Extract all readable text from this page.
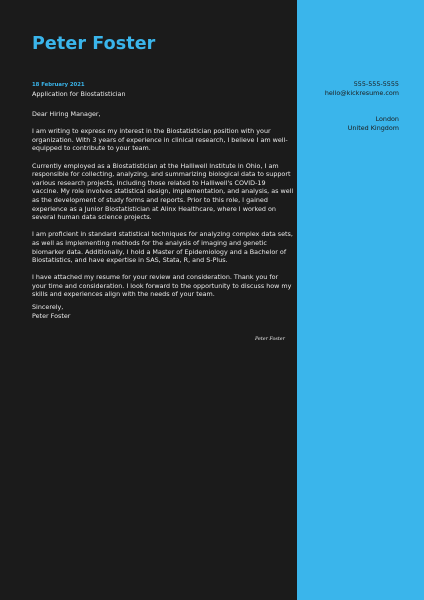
Peter Foster
18 February 2021
Application for Biostatistician

Dear Hiring Manager,

I am writing to express my interest in the Biostatistician position with your organization. With 3 years of experience in clinical research, I believe I am well-equipped to contribute to your team.

Currently employed as a Biostatistician at the Halliwell Institute in Ohio, I am responsible for collecting, analyzing, and summarizing biological data to support various research projects, including those related to Halliwell's COVID-19 vaccine. My role involves statistical design, implementation, and analysis, as well as the development of study forms and reports. Prior to this role, I gained experience as a Junior Biostatistician at Alinx Healthcare, where I worked on several human data science projects.

I am proficient in standard statistical techniques for analyzing complex data sets, as well as implementing methods for the analysis of imaging and genetic biomarker data. Additionally, I hold a Master of Epidemiology and a Bachelor of Biostatistics, and have expertise in SAS, Stata, R, and S-Plus.

I have attached my resume for your review and consideration. Thank you for your time and consideration. I look forward to the opportunity to discuss how my skills and experiences align with the needs of your team.

Sincerely,
Peter Foster
Peter Foster
555-555-5555
hello@kickresume.com
London
United Kingdom
